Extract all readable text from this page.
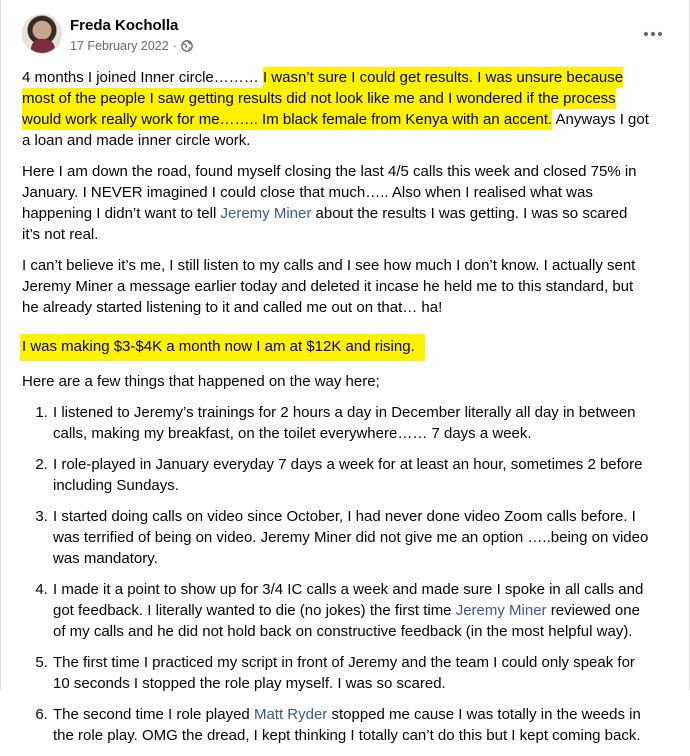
Freda Kocholla
17 February 2022 ·

4 months I joined Inner circle……… I wasn’t sure I could get results. I was unsure because most of the people I saw getting results did not look like me and I wondered if the process would work really work for me…….. Im black female from Kenya with an accent. Anyways I got a loan and made inner circle work.

Here I am down the road, found myself closing the last 4/5 calls this week and closed 75% in January. I NEVER imagined I could close that much….. Also when I realised what was happening I didn’t want to tell Jeremy Miner about the results I was getting. I was so scared it’s not real.

I can’t believe it’s me, I still listen to my calls and I see how much I don’t know. I actually sent Jeremy Miner a message earlier today and deleted it incase he held me to this standard, but he already started listening to it and called me out on that… ha!

I was making $3-$4K a month now I am at $12K and rising.

Here are a few things that happened on the way here;

1. I listened to Jeremy’s trainings for 2 hours a day in December literally all day in between calls, making my breakfast, on the toilet everywhere…… 7 days a week.
2. I role-played in January everyday 7 days a week for at least an hour, sometimes 2 before including Sundays.
3. I started doing calls on video since October, I had never done video Zoom calls before. I was terrified of being on video. Jeremy Miner did not give me an option …..being on video was mandatory.
4. I made it a point to show up for 3/4 IC calls a week and made sure I spoke in all calls and got feedback. I literally wanted to die (no jokes) the first time Jeremy Miner reviewed one of my calls and he did not hold back on constructive feedback (in the most helpful way).
5. The first time I practiced my script in front of Jeremy and the team I could only speak for 10 seconds I stopped the role play myself. I was so scared.
6. The second time I role played Matt Ryder stopped me cause I was totally in the weeds in the role play. OMG the dread, I kept thinking I totally can’t do this but I kept coming back.
